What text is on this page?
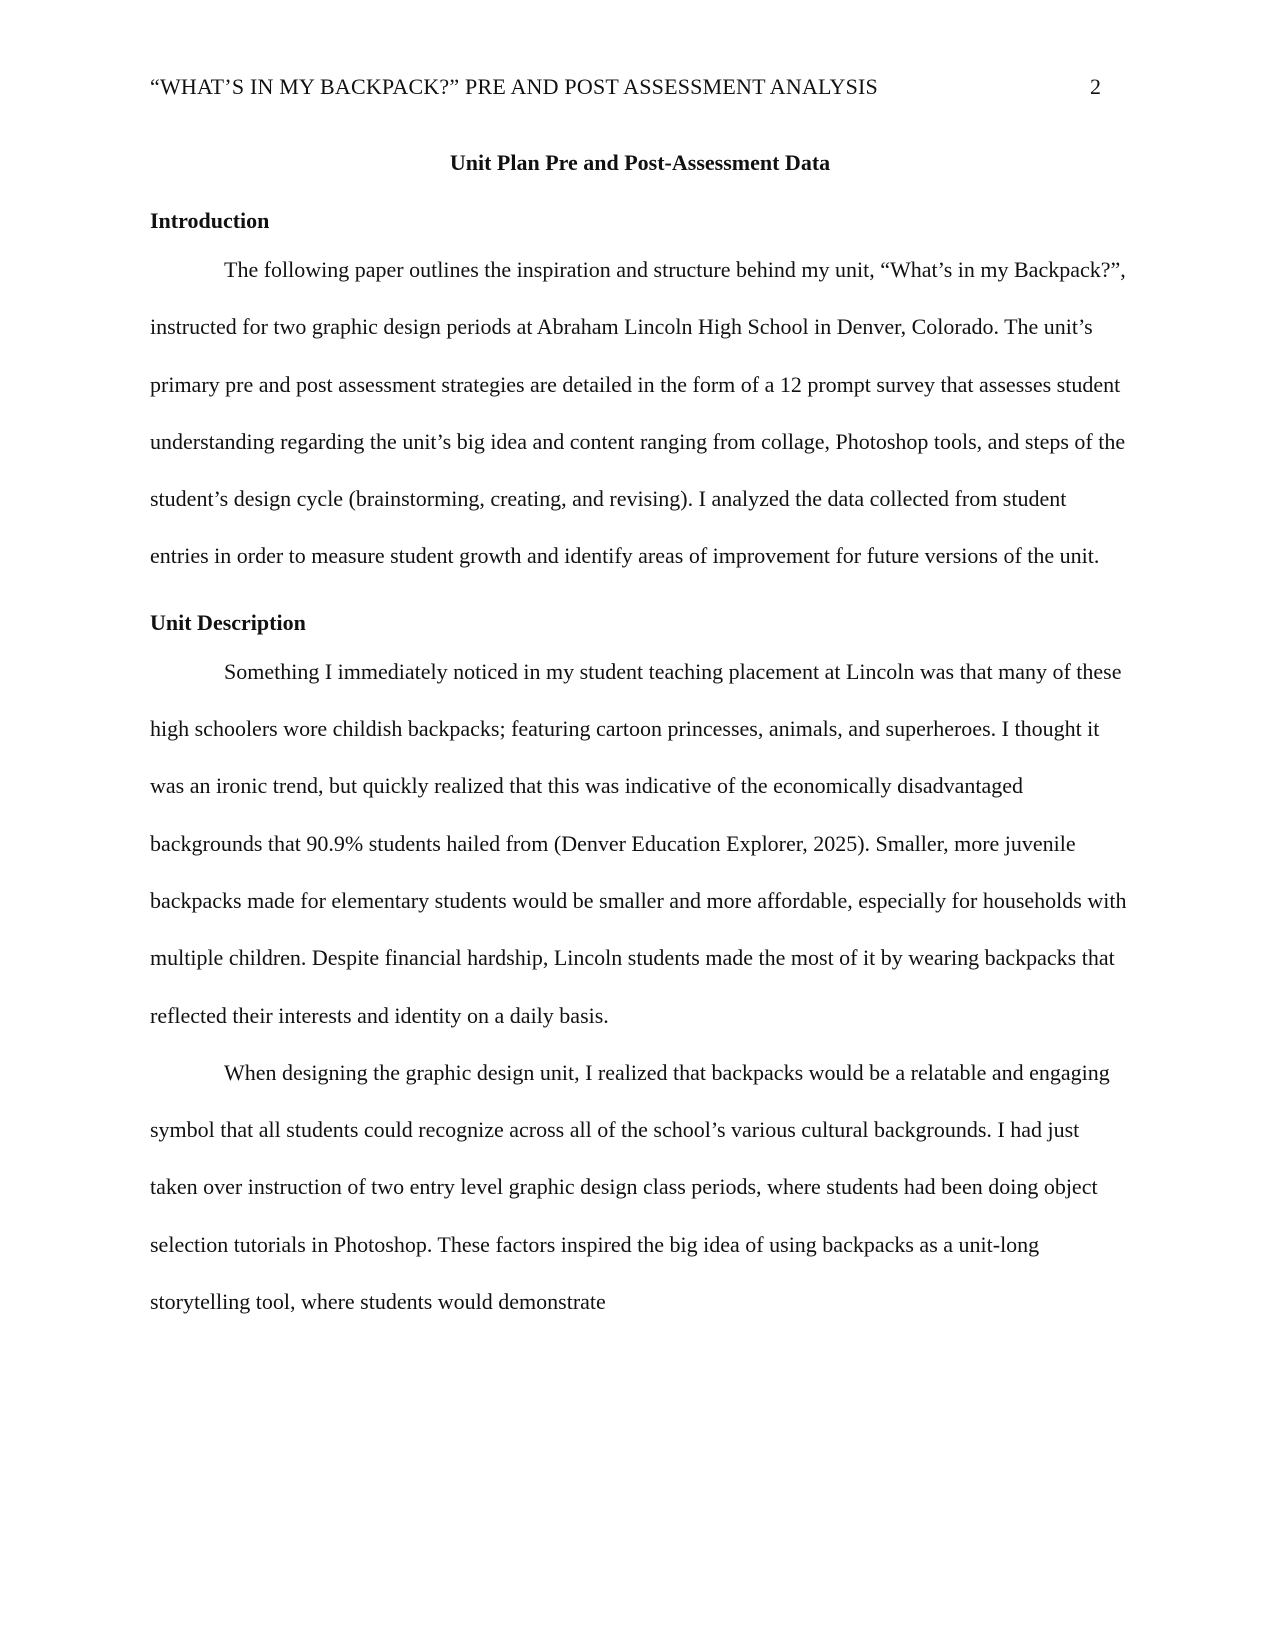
“WHAT’S IN MY BACKPACK?” PRE AND POST ASSESSMENT ANALYSIS	2
Unit Plan Pre and Post-Assessment Data
Introduction

The following paper outlines the inspiration and structure behind my unit, “What’s in my Backpack?”, instructed for two graphic design periods at Abraham Lincoln High School in Denver, Colorado. The unit’s primary pre and post assessment strategies are detailed in the form of a 12 prompt survey that assesses student understanding regarding the unit’s big idea and content ranging from collage, Photoshop tools, and steps of the student’s design cycle (brainstorming, creating, and revising). I analyzed the data collected from student entries in order to measure student growth and identify areas of improvement for future versions of the unit.

Unit Description

Something I immediately noticed in my student teaching placement at Lincoln was that many of these high schoolers wore childish backpacks; featuring cartoon princesses, animals, and superheroes. I thought it was an ironic trend, but quickly realized that this was indicative of the economically disadvantaged backgrounds that 90.9% students hailed from (Denver Education Explorer, 2025). Smaller, more juvenile backpacks made for elementary students would be smaller and more affordable, especially for households with multiple children. Despite financial hardship, Lincoln students made the most of it by wearing backpacks that reflected their interests and identity on a daily basis.

When designing the graphic design unit, I realized that backpacks would be a relatable and engaging symbol that all students could recognize across all of the school’s various cultural backgrounds. I had just taken over instruction of two entry level graphic design class periods, where students had been doing object selection tutorials in Photoshop. These factors inspired the big idea of using backpacks as a unit-long storytelling tool, where students would demonstrate
